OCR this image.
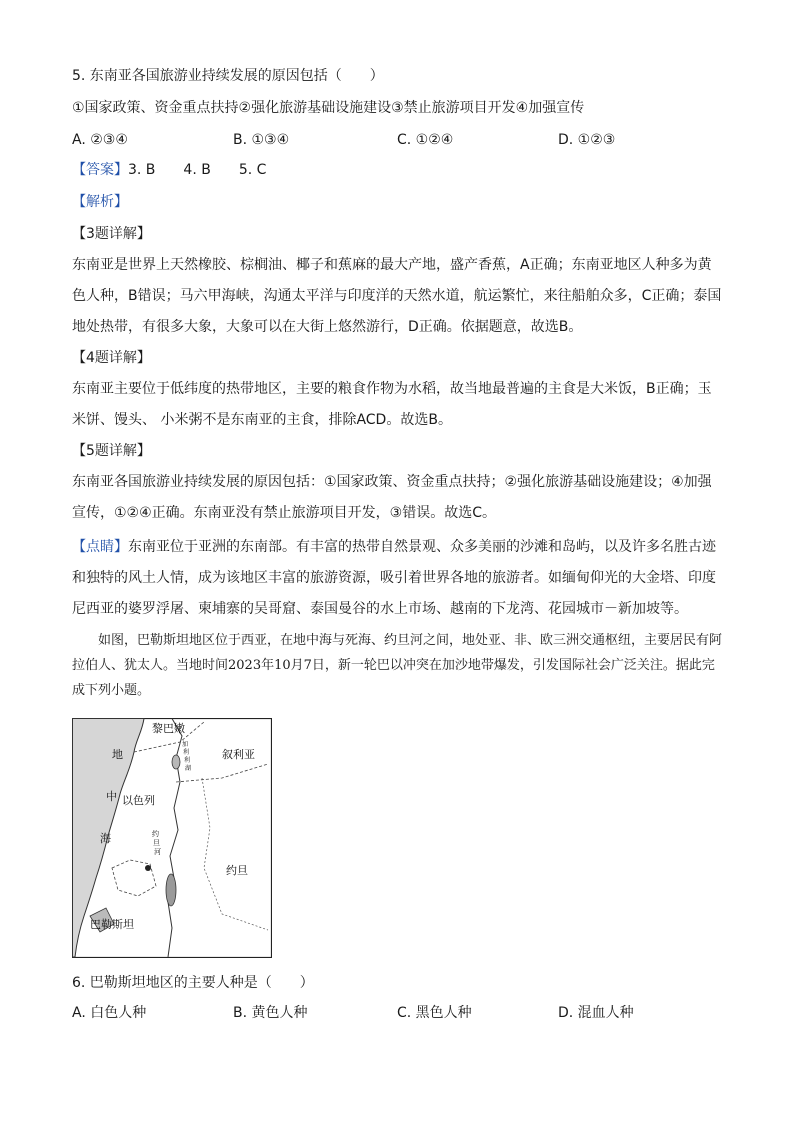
5. 东南亚各国旅游业持续发展的原因包括（　　）
①国家政策、资金重点扶持②强化旅游基础设施建设③禁止旅游项目开发④加强宣传
A. ②③④	B. ①③④	C. ①②④	D. ①②③
【答案】3. B　　4. B　　5. C
【解析】
【3题详解】
东南亚是世界上天然橡胶、棕榈油、椰子和蕉麻的最大产地，盛产香蕉，A正确；东南亚地区人种多为黄色人种，B错误；马六甲海峡，沟通太平洋与印度洋的天然水道，航运繁忙，来往船舶众多，C正确；泰国地处热带，有很多大象，大象可以在大街上悠然游行，D正确。依据题意，故选B。
【4题详解】
东南亚主要位于低纬度的热带地区，主要的粮食作物为水稻，故当地最普遍的主食是大米饭，B正确；玉米饼、馒头、 小米粥不是东南亚的主食，排除ACD。故选B。
【5题详解】
东南亚各国旅游业持续发展的原因包括：①国家政策、资金重点扶持；②强化旅游基础设施建设；④加强宣传，①②④正确。东南亚没有禁止旅游项目开发，③错误。故选C。
【点睛】东南亚位于亚洲的东南部。有丰富的热带自然景观、众多美丽的沙滩和岛屿，以及许多名胜古迹和独特的风土人情，成为该地区丰富的旅游资源，吸引着世界各地的旅游者。如缅甸仰光的大金塔、印度尼西亚的婆罗浮屠、柬埔寨的吴哥窟、泰国曼谷的水上市场、越南的下龙湾、花园城市－新加坡等。
如图，巴勒斯坦地区位于西亚，在地中海与死海、约旦河之间，地处亚、非、欧三洲交通枢纽，主要居民有阿拉伯人、犹太人。当地时间2023年10月7日，新一轮巴以冲突在加沙地带爆发，引发国际社会广泛关注。据此完成下列小题。
黎巴嫩
叙利亚
地
中
海
以色列
加
利
利
湖
约
旦
河
约旦
巴勒斯坦
6. 巴勒斯坦地区的主要人种是（　　）
A. 白色人种	B. 黄色人种	C. 黑色人种	D. 混血人种
